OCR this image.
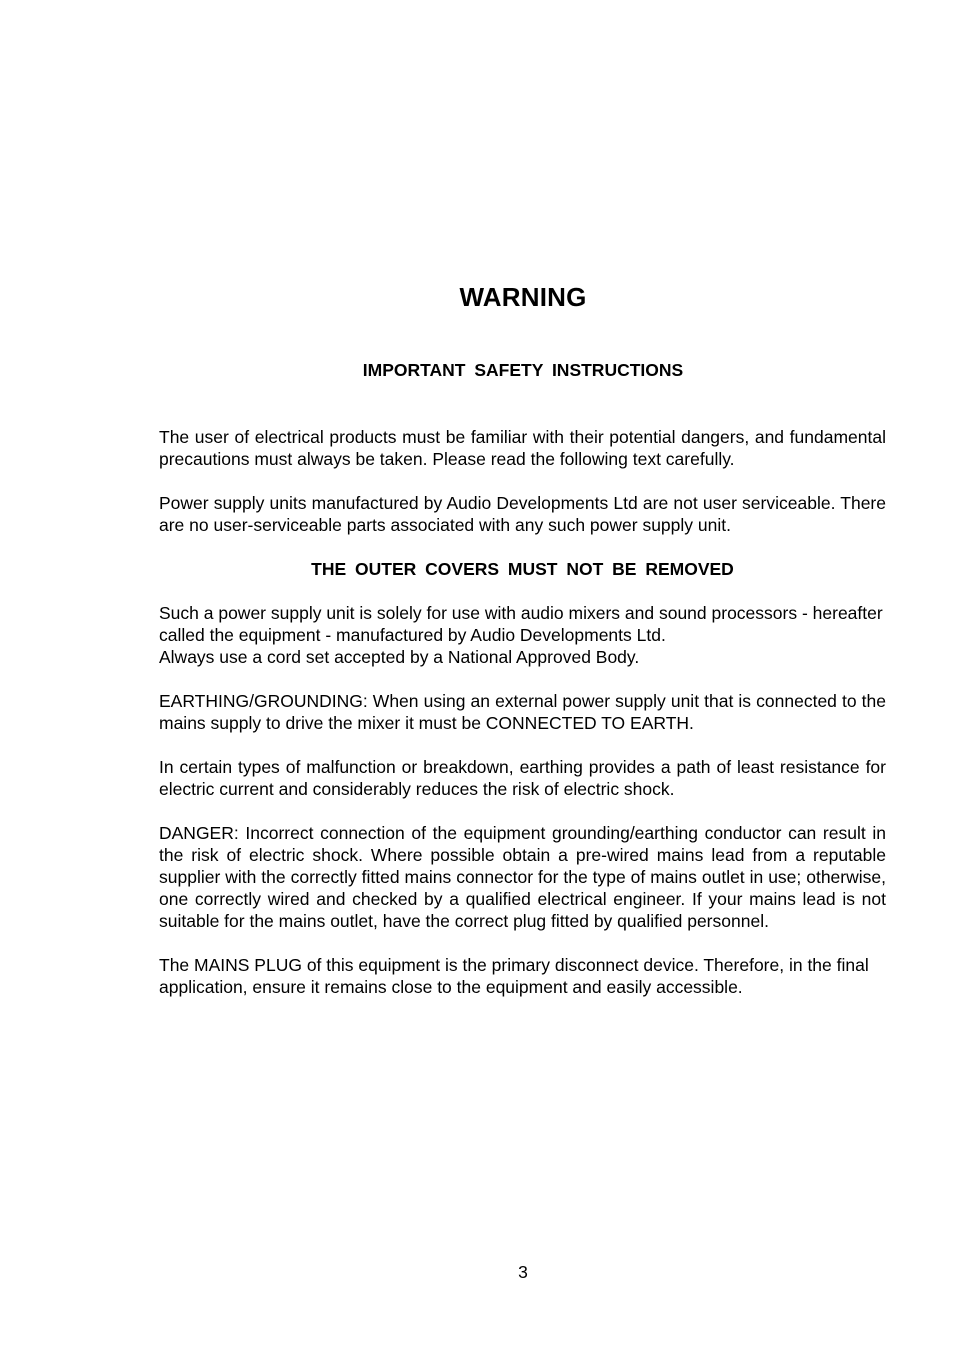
WARNING
IMPORTANT SAFETY INSTRUCTIONS

The user of electrical products must be familiar with their potential dangers, and fundamental precautions must always be taken. Please read the following text carefully.

Power supply units manufactured by Audio Developments Ltd are not user serviceable. There are no user-serviceable parts associated with any such power supply unit.

THE OUTER COVERS MUST NOT BE REMOVED

Such a power supply unit is solely for use with audio mixers and sound processors - hereafter called the equipment - manufactured by Audio Developments Ltd.
Always use a cord set accepted by a National Approved Body.

EARTHING/GROUNDING: When using an external power supply unit that is connected to the mains supply to drive the mixer it must be CONNECTED TO EARTH.

In certain types of malfunction or breakdown, earthing provides a path of least resistance for electric current and considerably reduces the risk of electric shock.

DANGER: Incorrect connection of the equipment grounding/earthing conductor can result in the risk of electric shock. Where possible obtain a pre-wired mains lead from a reputable supplier with the correctly fitted mains connector for the type of mains outlet in use; otherwise, one correctly wired and checked by a qualified electrical engineer. If your mains lead is not suitable for the mains outlet, have the correct plug fitted by qualified personnel.

The MAINS PLUG of this equipment is the primary disconnect device. Therefore, in the final application, ensure it remains close to the equipment and easily accessible.

3
